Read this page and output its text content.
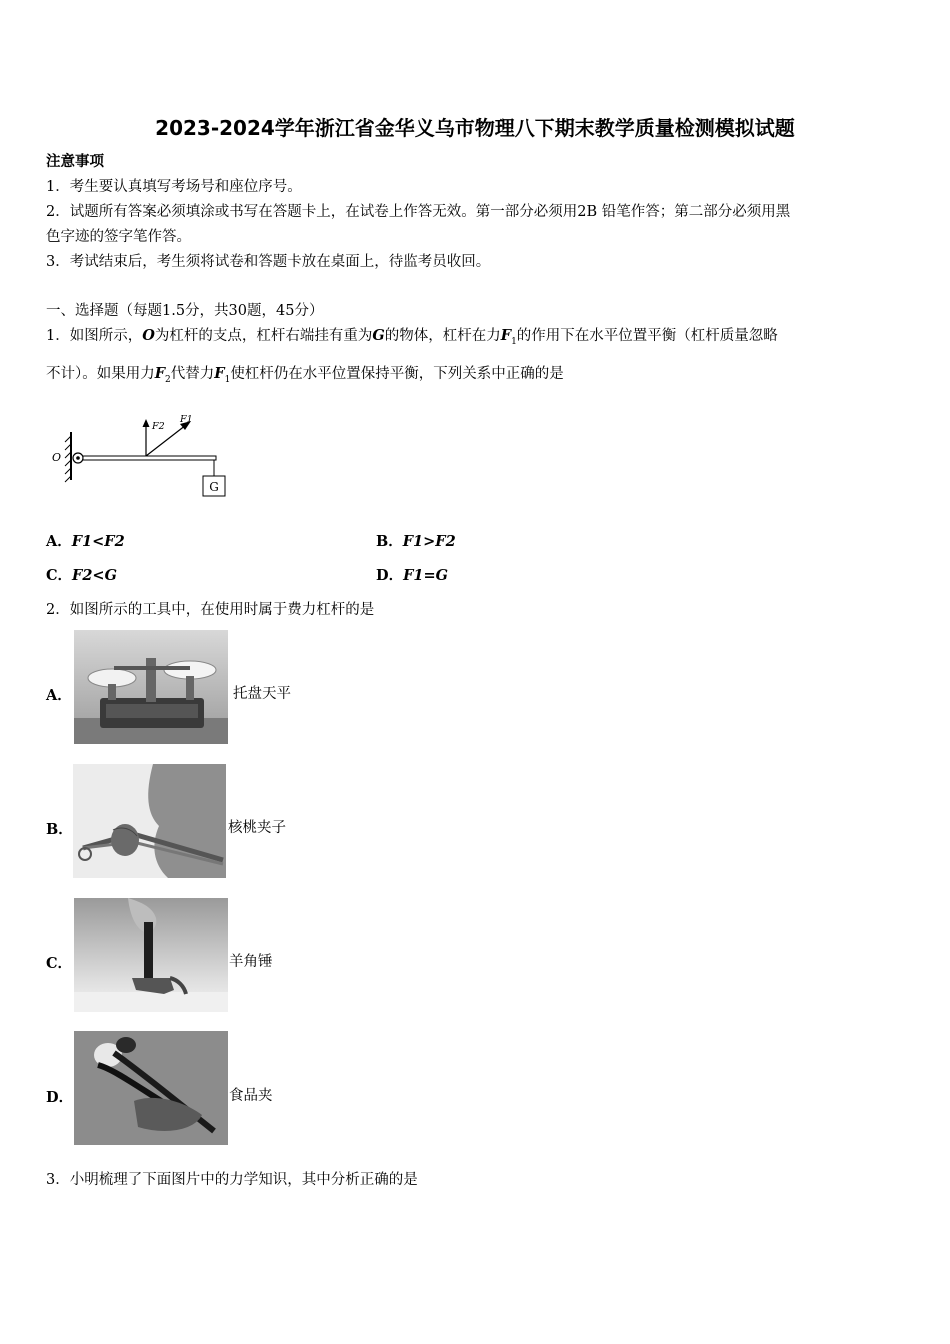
2023-2024学年浙江省金华义乌市物理八下期末教学质量检测模拟试题
注意事项
1．考生要认真填写考场号和座位序号。
2．试题所有答案必须填涂或书写在答题卡上，在试卷上作答无效。第一部分必须用2B 铅笔作答；第二部分必须用黑
色字迹的签字笔作答。
3．考试结束后，考生须将试卷和答题卡放在桌面上，待监考员收回。
一、选择题（每题1.5分，共30题，45分）
1．如图所示，O为杠杆的支点，杠杆右端挂有重为G的物体，杠杆在力$F_1$的作用下在水平位置平衡（杠杆质量忽略
不计）。如果用力$F_2$代替力$F_1$使杠杆仍在水平位置保持平衡，下列关系中正确的是
G
O
F2
F1
A．F1<F2	B．F1>F2
C．F2<G	D．F1=G
2．如图所示的工具中，在使用时属于费力杠杆的是
A．	托盘天平
B．	核桃夹子
C．	羊角锤
D．	食品夹
3．小明梳理了下面图片中的力学知识，其中分析正确的是
